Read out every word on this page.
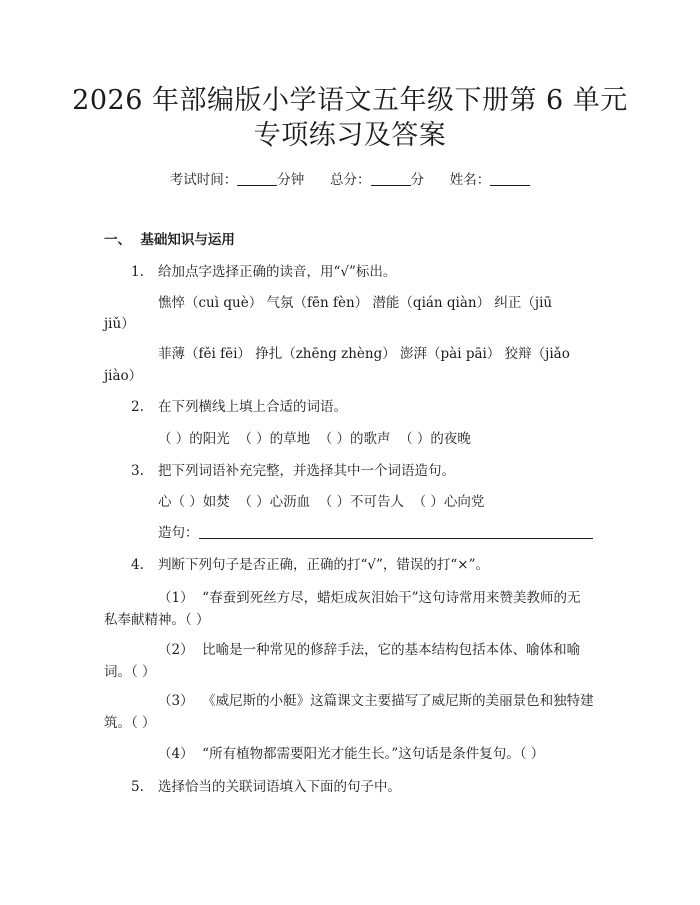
2026 年部编版小学语文五年级下册第 6 单元
专项练习及答案
考试时间：	分钟 总分：	分 姓名：
一、  基础知识与运用
1. 给加点字选择正确的读音，用“√”标出。
憔悴（cuì què） 气氛（fēn fèn） 潜能（qián qiàn） 纠正（jiū
jiǔ）
菲薄（fěi fēi） 挣扎（zhēng zhèng） 澎湃（pài pāi） 狡辩（jiǎo
jiào）
2. 在下列横线上填上合适的词语。
（ ）的阳光  （ ）的草地  （ ）的歌声  （ ）的夜晚
3. 把下列词语补充完整，并选择其中一个词语造句。
心（ ）如焚  （ ）心沥血  （ ）不可告人  （ ）心向党
造句：
4. 判断下列句子是否正确，正确的打“√”，错误的打“×”。
（1）  “春蚕到死丝方尽，蜡炬成灰泪始干”这句诗常用来赞美教师的无
私奉献精神。（ ）
（2）  比喻是一种常见的修辞手法，它的基本结构包括本体、喻体和喻
词。（ ）
（3）  《威尼斯的小艇》这篇课文主要描写了威尼斯的美丽景色和独特建
筑。（ ）
（4）  “所有植物都需要阳光才能生长。”这句话是条件复句。（ ）
5. 选择恰当的关联词语填入下面的句子中。
